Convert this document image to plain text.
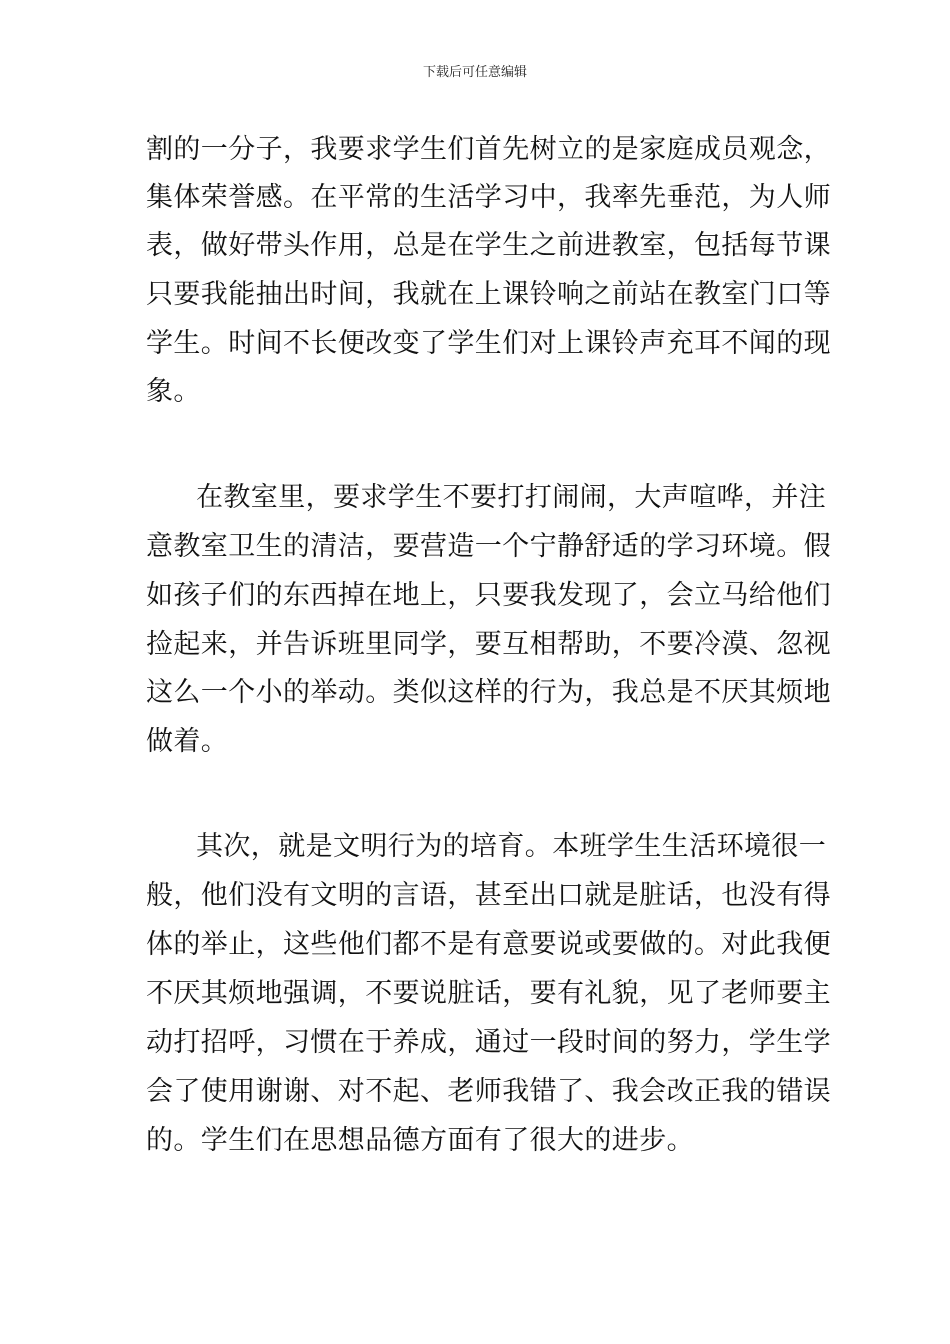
下载后可任意编辑
割的一分子，我要求学生们首先树立的是家庭成员观念，
集体荣誉感。在平常的生活学习中，我率先垂范，为人师
表，做好带头作用，总是在学生之前进教室，包括每节课
只要我能抽出时间，我就在上课铃响之前站在教室门口等
学生。时间不长便改变了学生们对上课铃声充耳不闻的现
象。
在教室里，要求学生不要打打闹闹，大声喧哗，并注
意教室卫生的清洁，要营造一个宁静舒适的学习环境。假
如孩子们的东西掉在地上，只要我发现了，会立马给他们
捡起来，并告诉班里同学，要互相帮助，不要冷漠、忽视
这么一个小的举动。类似这样的行为，我总是不厌其烦地
做着。
其次，就是文明行为的培育。本班学生生活环境很一
般，他们没有文明的言语，甚至出口就是脏话，也没有得
体的举止，这些他们都不是有意要说或要做的。对此我便
不厌其烦地强调，不要说脏话，要有礼貌，见了老师要主
动打招呼，习惯在于养成，通过一段时间的努力，学生学
会了使用谢谢、对不起、老师我错了、我会改正我的错误
的。学生们在思想品德方面有了很大的进步。
